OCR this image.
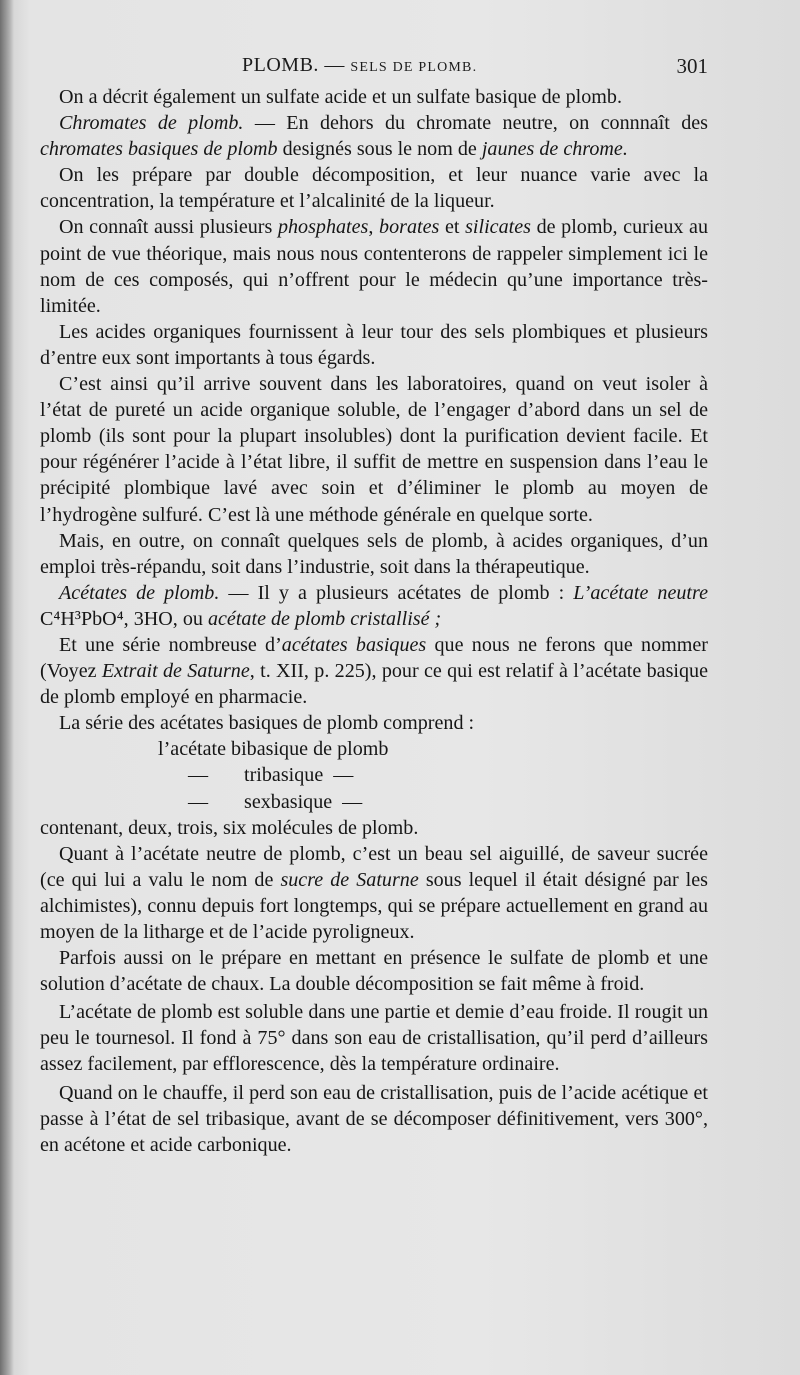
PLOMB. — SELS DE PLOMB.	301

On a décrit également un sulfate acide et un sulfate basique de plomb.

Chromates de plomb. — En dehors du chromate neutre, on connnaît des chromates basiques de plomb designés sous le nom de jaunes de chrome.

On les prépare par double décomposition, et leur nuance varie avec la concentration, la température et l’alcalinité de la liqueur.

On connaît aussi plusieurs phosphates, borates et silicates de plomb, curieux au point de vue théorique, mais nous nous contenterons de rappeler simplement ici le nom de ces composés, qui n’offrent pour le médecin qu’une importance très-limitée.

Les acides organiques fournissent à leur tour des sels plombiques et plusieurs d’entre eux sont importants à tous égards.

C’est ainsi qu’il arrive souvent dans les laboratoires, quand on veut isoler à l’état de pureté un acide organique soluble, de l’engager d’abord dans un sel de plomb (ils sont pour la plupart insolubles) dont la purification devient facile. Et pour régénérer l’acide à l’état libre, il suffit de mettre en suspension dans l’eau le précipité plombique lavé avec soin et d’éliminer le plomb au moyen de l’hydrogène sulfuré. C’est là une méthode générale en quelque sorte.

Mais, en outre, on connaît quelques sels de plomb, à acides organiques, d’un emploi très-répandu, soit dans l’industrie, soit dans la thérapeutique.

Acétates de plomb. — Il y a plusieurs acétates de plomb : L’acétate neutre C⁴H³PbO⁴, 3HO, ou acétate de plomb cristallisé ;

Et une série nombreuse d’acétates basiques que nous ne ferons que nommer (Voyez Extrait de Saturne, t. XII, p. 225), pour ce qui est relatif à l’acétate basique de plomb employé en pharmacie.

La série des acétates basiques de plomb comprend :

l’acétate bibasique de plomb
— tribasique —
— sexbasique —

contenant, deux, trois, six molécules de plomb.

Quant à l’acétate neutre de plomb, c’est un beau sel aiguillé, de saveur sucrée (ce qui lui a valu le nom de sucre de Saturne sous lequel il était désigné par les alchimistes), connu depuis fort longtemps, qui se prépare actuellement en grand au moyen de la litharge et de l’acide pyroligneux.

Parfois aussi on le prépare en mettant en présence le sulfate de plomb et une solution d’acétate de chaux. La double décomposition se fait même à froid.

L’acétate de plomb est soluble dans une partie et demie d’eau froide. Il rougit un peu le tournesol. Il fond à 75° dans son eau de cristallisation, qu’il perd d’ailleurs assez facilement, par efflorescence, dès la température ordinaire.

Quand on le chauffe, il perd son eau de cristallisation, puis de l’acide acétique et passe à l’état de sel tribasique, avant de se décomposer définitivement, vers 300°, en acétone et acide carbonique.
